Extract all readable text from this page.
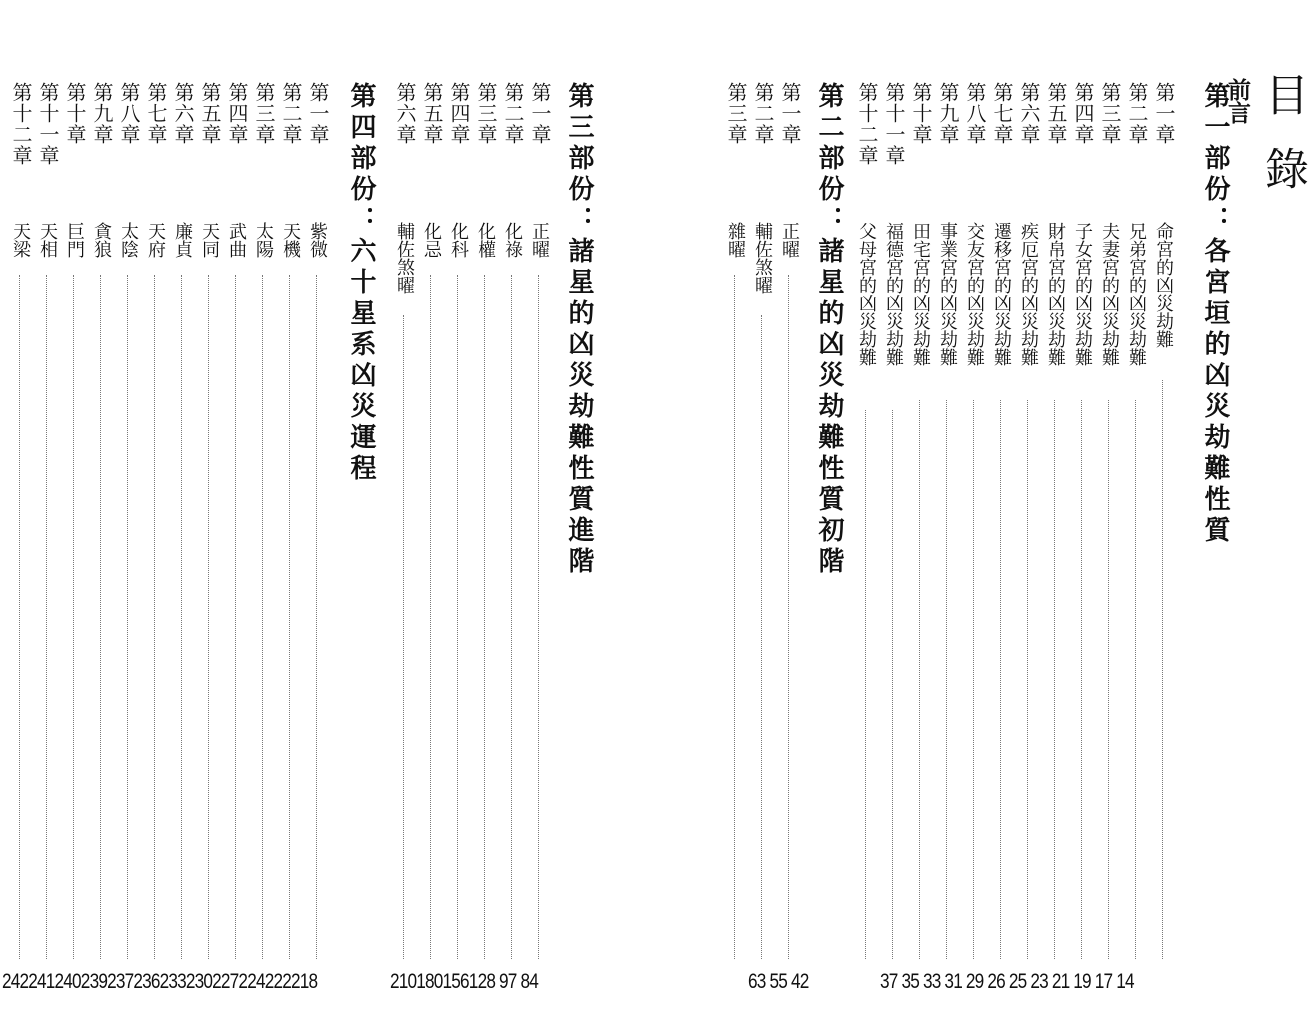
目錄
前言
第一部份：各宮垣的凶災劫難性質
第二部份：諸星的凶災劫難性質初階
第三部份：諸星的凶災劫難性質進階
第四部份：六十星系凶災運程	第一章
命宮的凶災劫難
第二章
兄弟宮的凶災劫難
第三章
夫妻宮的凶災劫難
第四章
子女宮的凶災劫難
第五章
財帛宮的凶災劫難
第六章
疾厄宮的凶災劫難
第七章
遷移宮的凶災劫難
第八章
交友宮的凶災劫難
第九章
事業宮的凶災劫難
第十章
田宅宮的凶災劫難
第十一章
福德宮的凶災劫難
第十二章
父母宮的凶災劫難
37 35 33 31 29 26 25 23 21 19 17 14
第一章
正曜
第二章
輔佐煞曜
第三章
雜曜
63 55 42
第一章
正曜
第二章
化祿
第三章
化權
第四章
化科
第五章
化忌
第六章
輔佐煞曜
210180156128 97 84
第一章
紫微
第二章
天機
第三章
太陽
第四章
武曲
第五章
天同
第六章
廉貞
第七章
天府
第八章
太陰
第九章
貪狼
第十章
巨門
第十一章
天相
第十二章
天梁
242241240239237236233230227224222218
